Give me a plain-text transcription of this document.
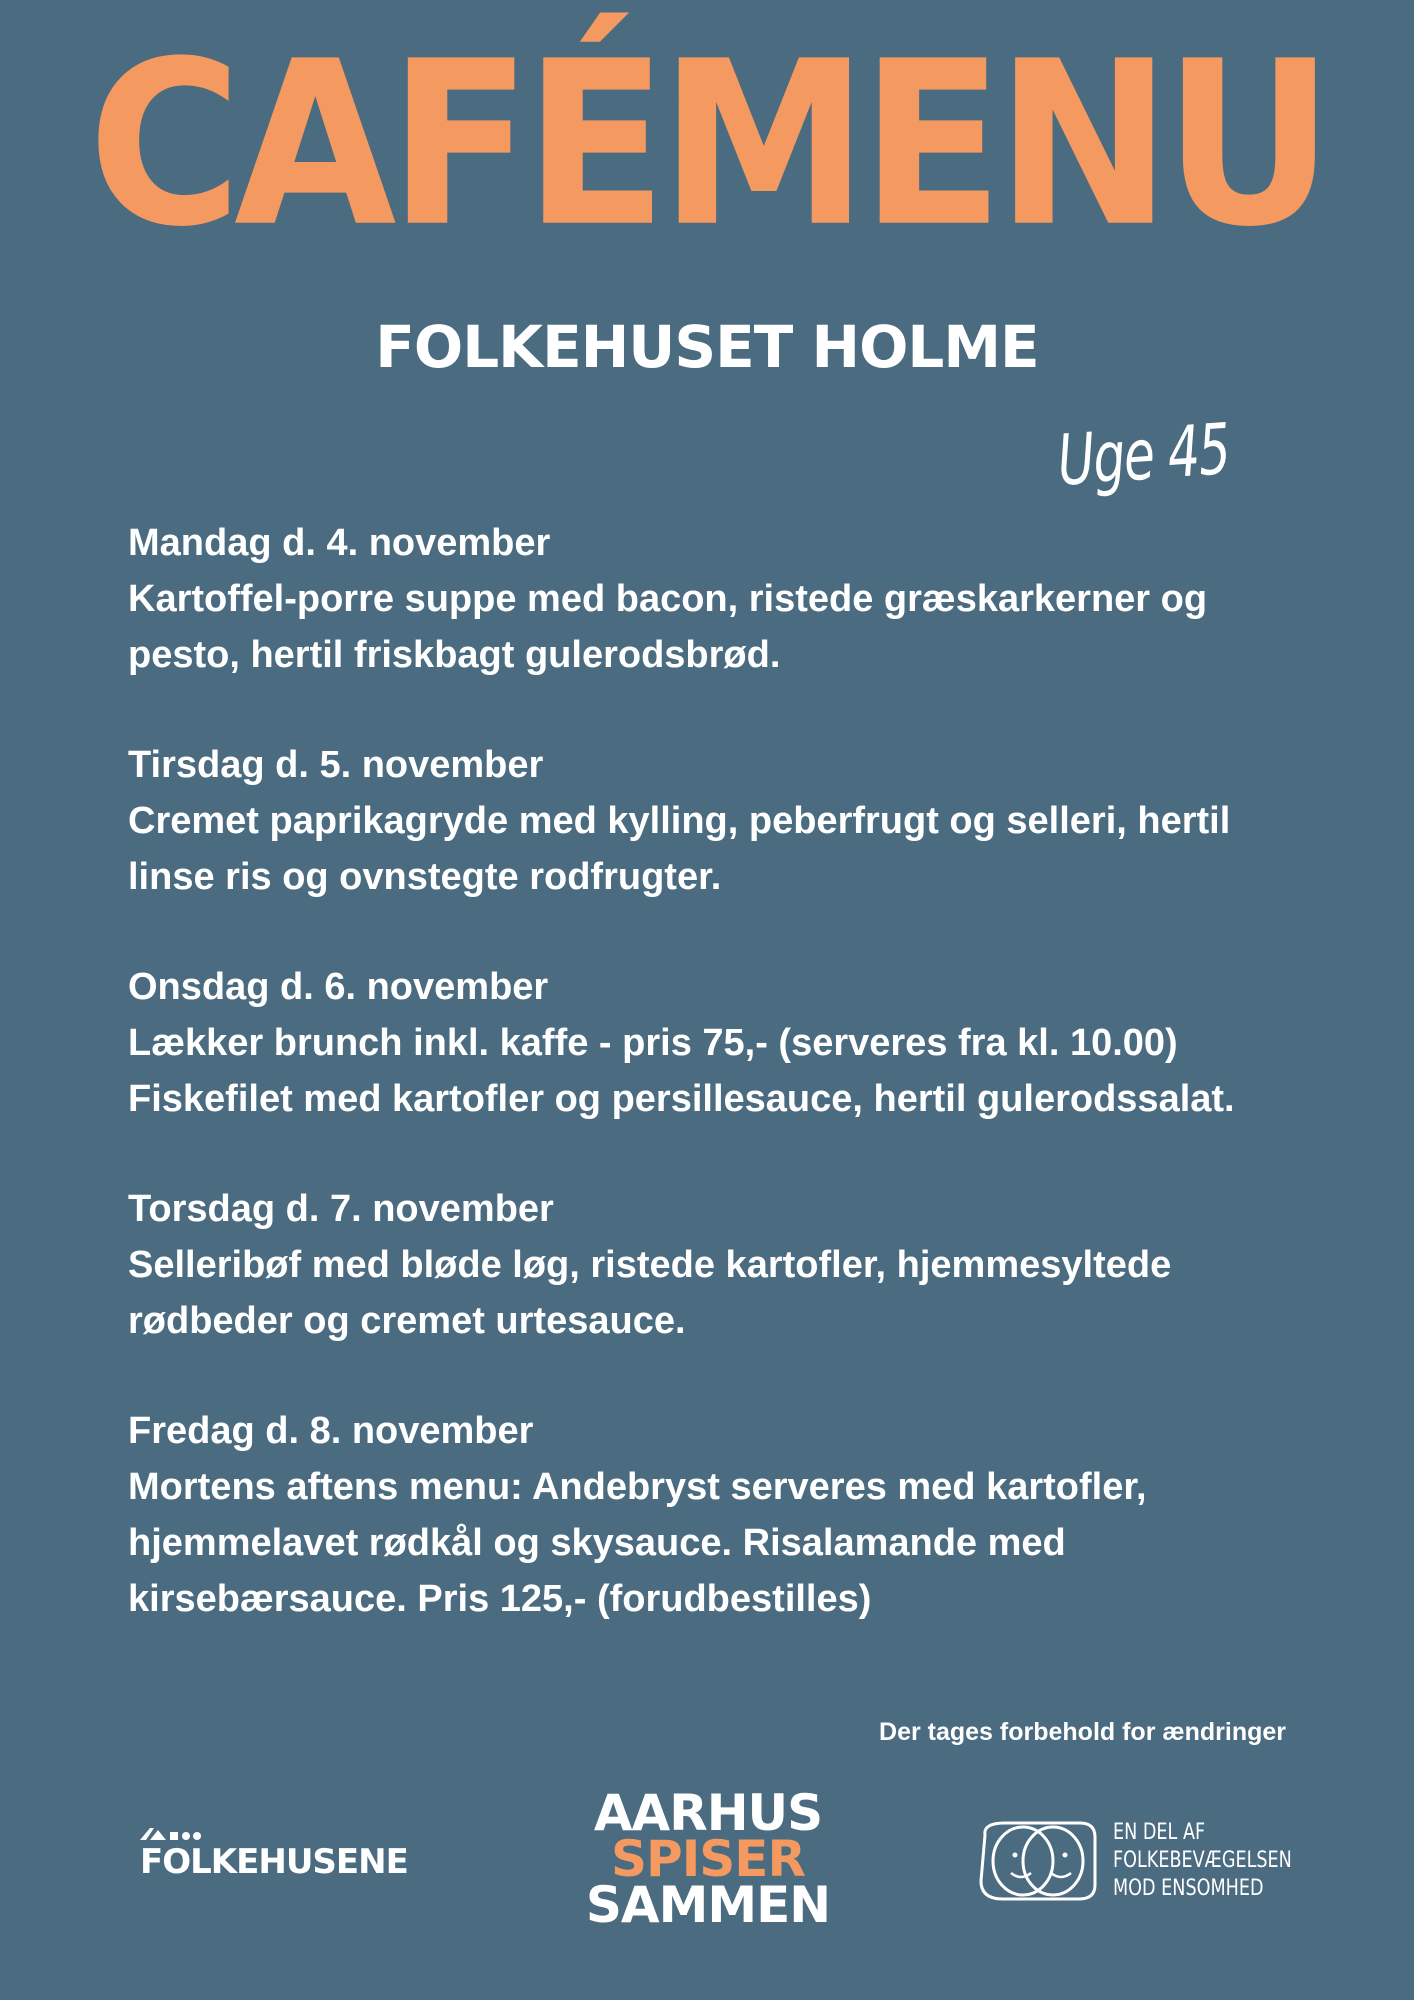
CAFÉMENU
FOLKEHUSET HOLME
Uge 45
Mandag d. 4. november
Kartoffel-porre suppe med bacon, ristede græskarkerner og pesto, hertil friskbagt gulerodsbrød.
Tirsdag d. 5. november
Cremet paprikagryde med kylling, peberfrugt og selleri, hertil linse ris og ovnstegte rodfrugter.
Onsdag d. 6. november
Lækker brunch inkl. kaffe - pris 75,- (serveres fra kl. 10.00) Fiskefilet med kartofler og persillesauce, hertil gulerodssalat.
Torsdag d. 7. november
Selleribøf med bløde løg, ristede kartofler, hjemmesyltede rødbeder og cremet urtesauce.
Fredag d. 8. november
Mortens aftens menu: Andebryst serveres med kartofler, hjemmelavet rødkål og skysauce. Risalamande med kirsebærsauce. Pris 125,- (forudbestilles)
Der tages forbehold for ændringer
FOLKEHUSENE
AARHUS
SPISER
SAMMEN
EN DEL AF
FOLKEBEVÆGELSEN
MOD ENSOMHED
